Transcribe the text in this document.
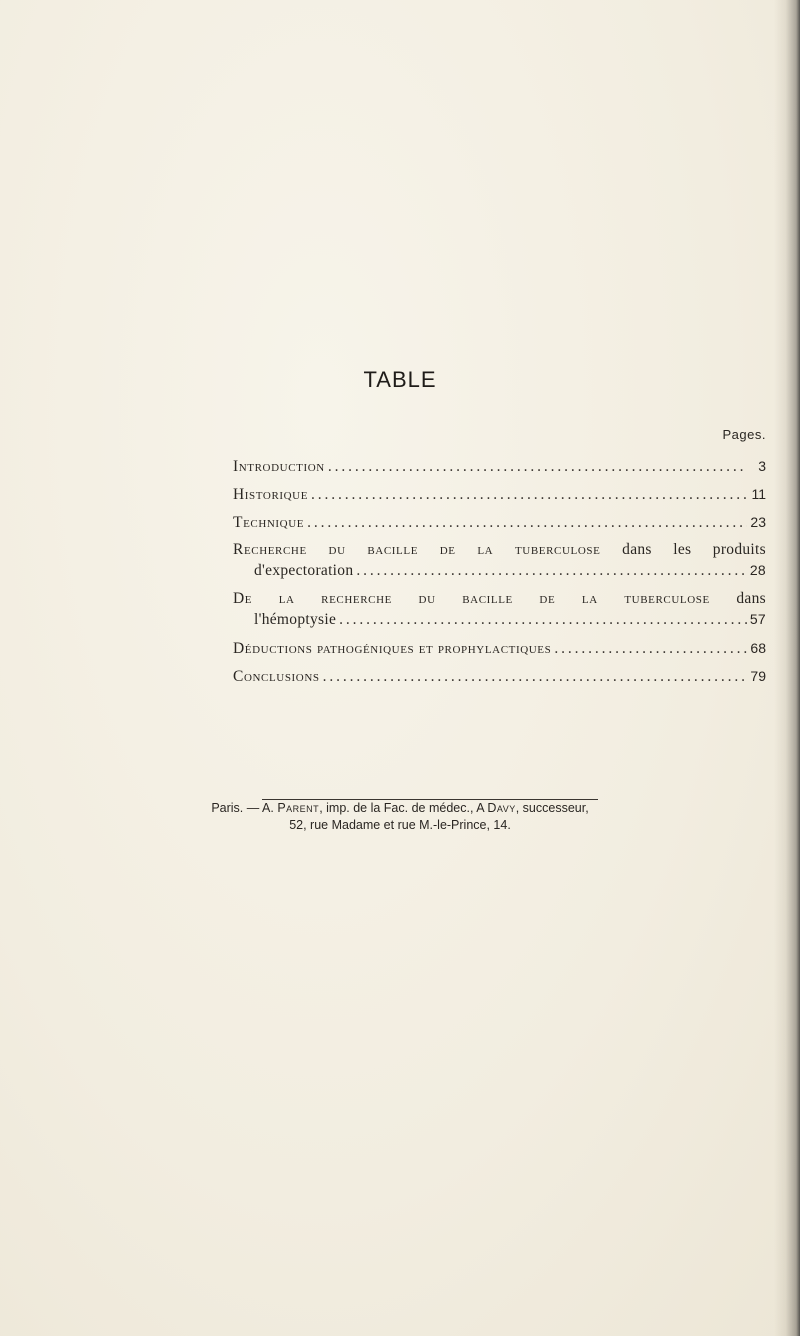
TABLE
Pages.
Introduction . . .	3
Historique . . .	11
Technique . . .	23
Recherche du bacille de la tuberculose dans les produits
d'expectoration . . .	28
De la recherche du bacille de la tuberculose dans
l'hémoptysie . . .	57
Déductions pathogéniques et prophylactiques . . .	68
Conclusions . . .	79
Paris. — A. Parent, imp. de la Fac. de médec., A Davy, successeur,
52, rue Madame et rue M.-le-Prince, 14.
